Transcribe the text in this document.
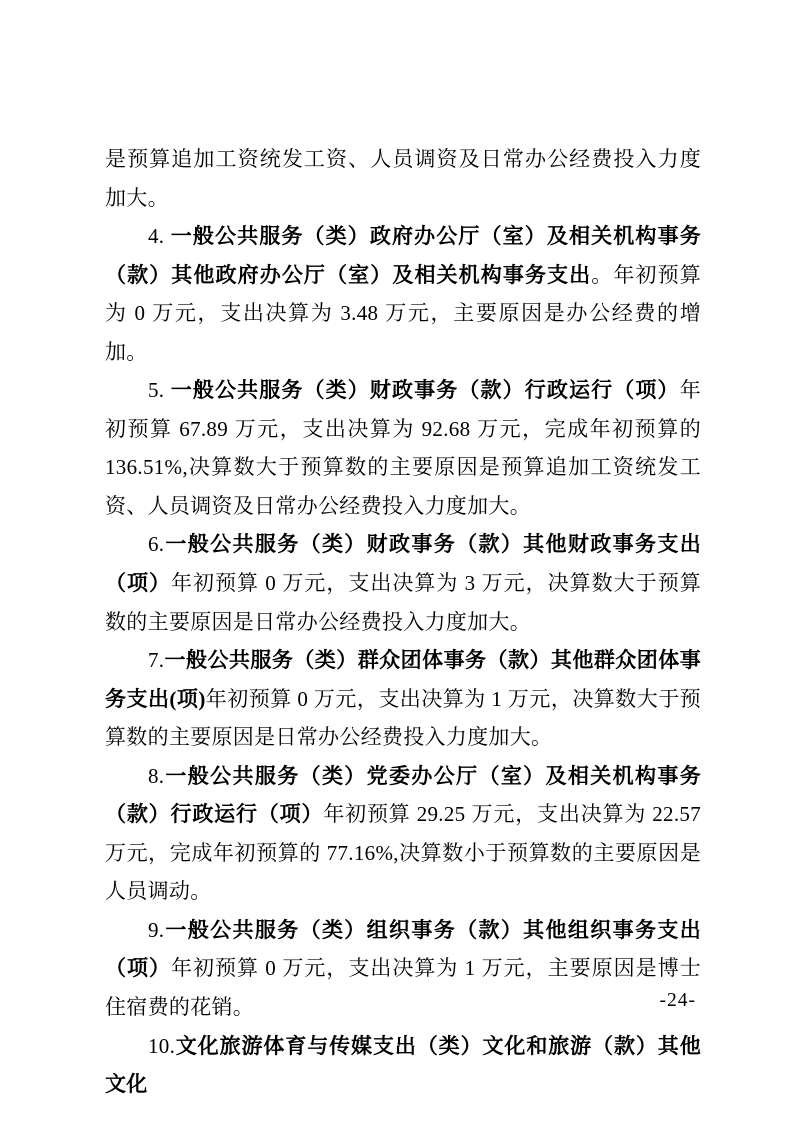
是预算追加工资统发工资、人员调资及日常办公经费投入力度加大。

4. 一般公共服务（类）政府办公厅（室）及相关机构事务（款）其他政府办公厅（室）及相关机构事务支出。年初预算为 0 万元，支出决算为 3.48 万元，主要原因是办公经费的增加。

5. 一般公共服务（类）财政事务（款）行政运行（项）年初预算 67.89 万元，支出决算为 92.68 万元，完成年初预算的 136.51%,决算数大于预算数的主要原因是预算追加工资统发工资、人员调资及日常办公经费投入力度加大。

6.一般公共服务（类）财政事务（款）其他财政事务支出（项）年初预算 0 万元，支出决算为 3 万元，决算数大于预算数的主要原因是日常办公经费投入力度加大。

7.一般公共服务（类）群众团体事务（款）其他群众团体事务支出(项)年初预算 0 万元，支出决算为 1 万元，决算数大于预算数的主要原因是日常办公经费投入力度加大。

8.一般公共服务（类）党委办公厅（室）及相关机构事务（款）行政运行（项）年初预算 29.25 万元，支出决算为 22.57 万元，完成年初预算的 77.16%,决算数小于预算数的主要原因是人员调动。

9.一般公共服务（类）组织事务（款）其他组织事务支出（项）年初预算 0 万元，支出决算为 1 万元，主要原因是博士住宿费的花销。

10.文化旅游体育与传媒支出（类）文化和旅游（款）其他文化

-24-
